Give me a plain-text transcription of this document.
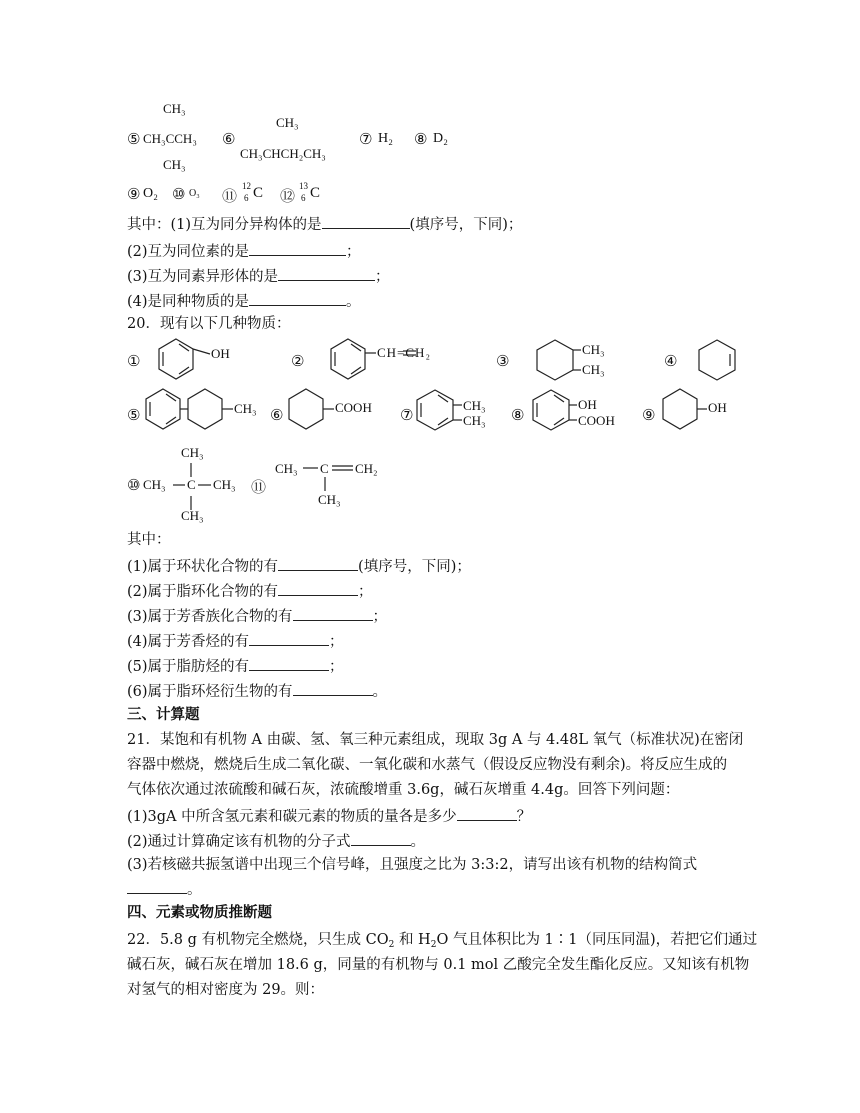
CH₃
⑤ CH₃CCH₃
CH₃
⑥
CH₃
CH₃CHCH₂CH₃
⑦ H₂ ⑧ D₂
⑨ O₂ ⑩ O₃ ⑪
12
6 C ⑫
13
6 C
其中：(1)互为同分异构体的是	(填序号，下同)；
(2)互为同位素的是	；
(3)互为同素异形体的是	；
(4)是同种物质的是	。
20．现有以下几种物质：
①	OH	②	CH=CH₂	③
CH₃
CH₃	④
⑤	CH₃ ⑥	COOH ⑦
CH₃
CH₃ ⑧
OH
COOH ⑨	OH
CH₃
⑩ CH₃ C CH₃
CH₃
⑪
CH₃ C CH₂
CH₃
其中：
(1)属于环状化合物的有	(填序号，下同)；
(2)属于脂环化合物的有	；
(3)属于芳香族化合物的有	；
(4)属于芳香烃的有	；
(5)属于脂肪烃的有	；
(6)属于脂环烃衍生物的有	。
三、计算题
21．某饱和有机物 A 由碳、氢、氧三种元素组成，现取 3g A 与 4.48L 氧气（标准状况)在密闭
容器中燃烧，燃烧后生成二氧化碳、一氧化碳和水蒸气（假设反应物没有剩余)。将反应生成的
气体依次通过浓硫酸和碱石灰，浓硫酸增重 3.6g，碱石灰增重 4.4g。回答下列问题：
(1)3gA 中所含氢元素和碳元素的物质的量各是多少	？
(2)通过计算确定该有机物的分子式	。
(3)若核磁共振氢谱中出现三个信号峰，且强度之比为 3:3:2，请写出该有机物的结构简式
。
四、元素或物质推断题
22．5.8 g 有机物完全燃烧，只生成 $CO_2$ 和 $H_2O$ 气且体积比为 1∶1（同压同温)，若把它们通过
碱石灰，碱石灰在增加 18.6 g，同量的有机物与 0.1 mol 乙酸完全发生酯化反应。又知该有机物
对氢气的相对密度为 29。则：
